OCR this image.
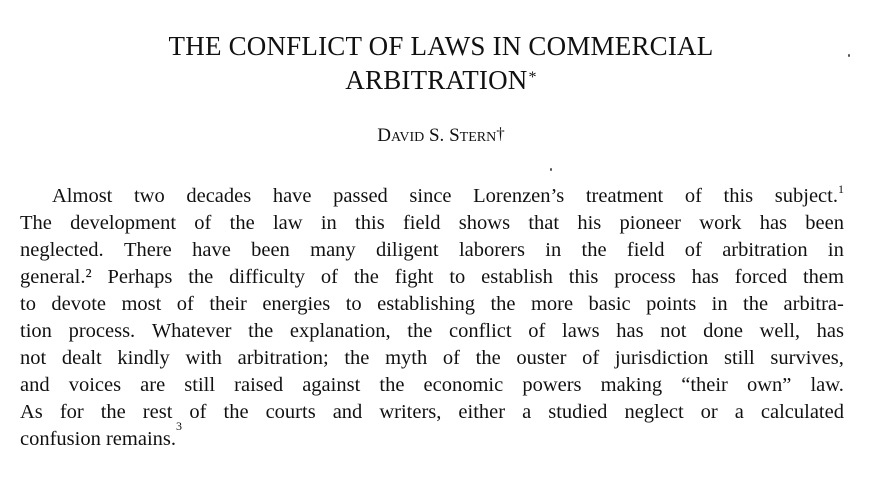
THE CONFLICT OF LAWS IN COMMERCIAL
ARBITRATION*
DAVID S. STERN†
Almost two decades have passed since Lorenzen’s treatment of this subject.$^1$
The development of the law in this field shows that his pioneer work has been
neglected. There have been many diligent laborers in the field of arbitration in
general.² Perhaps the difficulty of the fight to establish this process has forced them
to devote most of their energies to establishing the more basic points in the arbitra-
tion process. Whatever the explanation, the conflict of laws has not done well, has
not dealt kindly with arbitration; the myth of the ouster of jurisdiction still survives,
and voices are still raised against the economic powers making “their own” law.
As for the rest of the courts and writers, either a studied neglect or a calculated
confusion remains.
3
